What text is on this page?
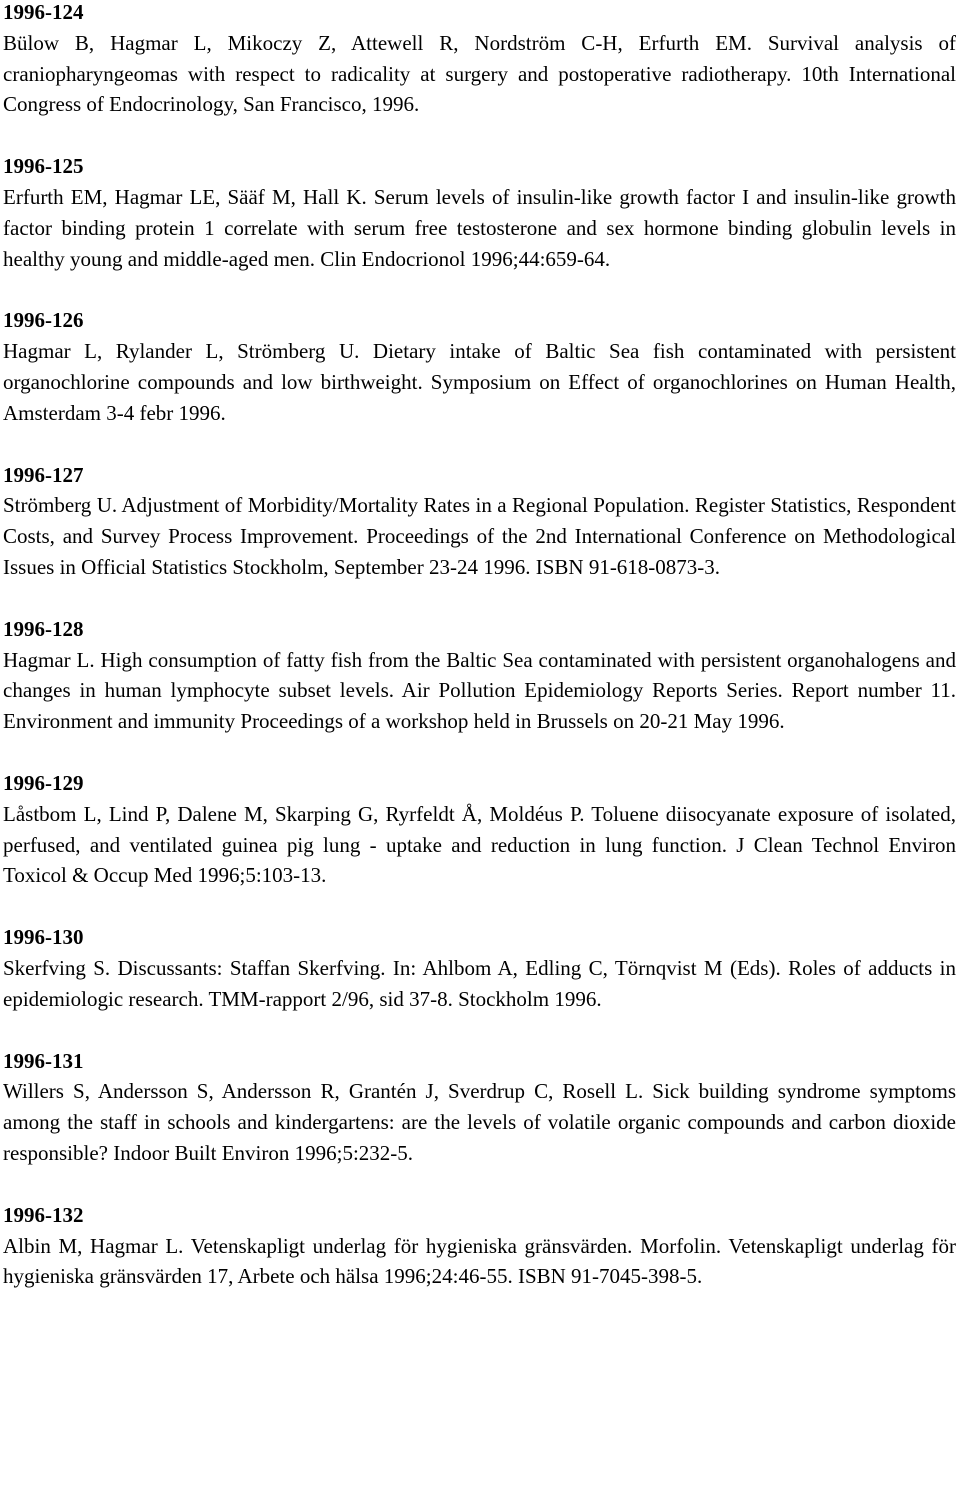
1996-124
Bülow B, Hagmar L, Mikoczy Z, Attewell R, Nordström C-H, Erfurth EM. Survival analysis of craniopharyngeomas with respect to radicality at surgery and postoperative radiotherapy. 10th International Congress of Endocrinology, San Francisco, 1996.
1996-125
Erfurth EM, Hagmar LE, Sääf M, Hall K. Serum levels of insulin-like growth factor I and insulin-like growth factor binding protein 1 correlate with serum free testosterone and sex hormone binding globulin levels in healthy young and middle-aged men. Clin Endocrionol 1996;44:659-64.
1996-126
Hagmar L, Rylander L, Strömberg U. Dietary intake of Baltic Sea fish contaminated with persistent organochlorine compounds and low birthweight. Symposium on Effect of organochlorines on Human Health, Amsterdam 3-4 febr 1996.
1996-127
Strömberg U. Adjustment of Morbidity/Mortality Rates in a Regional Population. Register Statistics, Respondent Costs, and Survey Process Improvement. Proceedings of the 2nd International Conference on Methodological Issues in Official Statistics Stockholm, September 23-24 1996. ISBN 91-618-0873-3.
1996-128
Hagmar L. High consumption of fatty fish from the Baltic Sea contaminated with persistent organohalogens and changes in human lymphocyte subset levels. Air Pollution Epidemiology Reports Series. Report number 11. Environment and immunity Proceedings of a workshop held in Brussels on 20-21 May 1996.
1996-129
Låstbom L, Lind P, Dalene M, Skarping G, Ryrfeldt Å, Moldéus P. Toluene diisocyanate exposure of isolated, perfused, and ventilated guinea pig lung - uptake and reduction in lung function. J Clean Technol Environ Toxicol & Occup Med 1996;5:103-13.
1996-130
Skerfving S. Discussants: Staffan Skerfving. In: Ahlbom A, Edling C, Törnqvist M (Eds). Roles of adducts in epidemiologic research. TMM-rapport 2/96, sid 37-8. Stockholm 1996.
1996-131
Willers S, Andersson S, Andersson R, Grantén J, Sverdrup C, Rosell L. Sick building syndrome symptoms among the staff in schools and kindergartens: are the levels of volatile organic compounds and carbon dioxide responsible? Indoor Built Environ 1996;5:232-5.
1996-132
Albin M, Hagmar L. Vetenskapligt underlag för hygieniska gränsvärden. Morfolin. Vetenskapligt underlag för hygieniska gränsvärden 17, Arbete och hälsa 1996;24:46-55. ISBN 91-7045-398-5.
